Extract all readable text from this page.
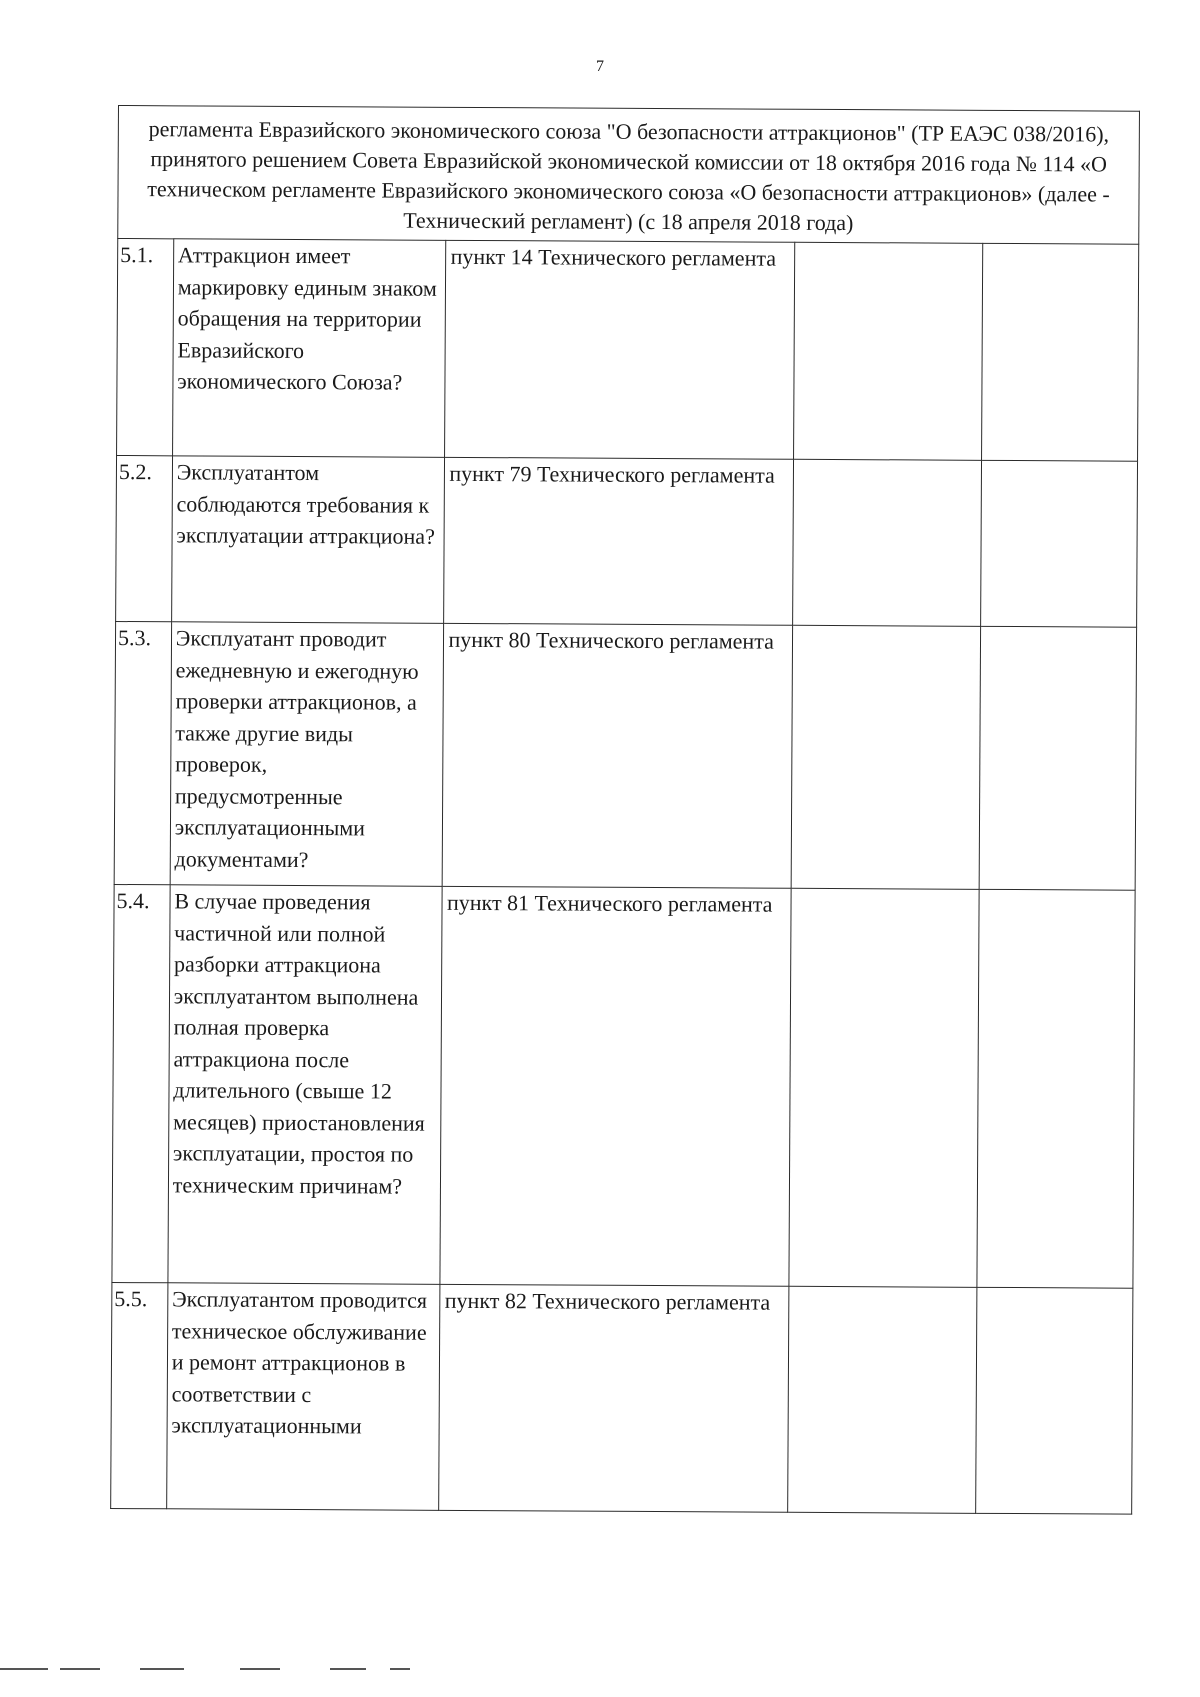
7
регламента Евразийского экономического союза "О безопасности аттракционов" (ТР ЕАЭС 038/2016), принятого решением Совета Евразийской экономической комиссии от 18 октября 2016 года № 114 «О техническом регламенте Евразийского экономического союза «О безопасности аттракционов» (далее - Технический регламент) (с 18 апреля 2018 года)				
5.1.	Аттракцион имеет маркировку единым знаком обращения на территории Евразийского экономического Союза?	пункт 14 Технического регламента		
5.2.	Эксплуатантом соблюдаются требования к эксплуатации аттракциона?	пункт 79 Технического регламента		
5.3.	Эксплуатант проводит ежедневную и ежегодную проверки аттракционов, а также другие виды проверок, предусмотренные эксплуатационными документами?	пункт 80 Технического регламента		
5.4.	В случае проведения частичной или полной разборки аттракциона эксплуатантом выполнена полная проверка аттракциона после длительного (свыше 12 месяцев) приостановления эксплуатации, простоя по техническим причинам?	пункт 81 Технического регламента		
5.5.	Эксплуатантом проводится техническое обслуживание и ремонт аттракционов в соответствии с эксплуатационными	пункт 82 Технического регламента		
